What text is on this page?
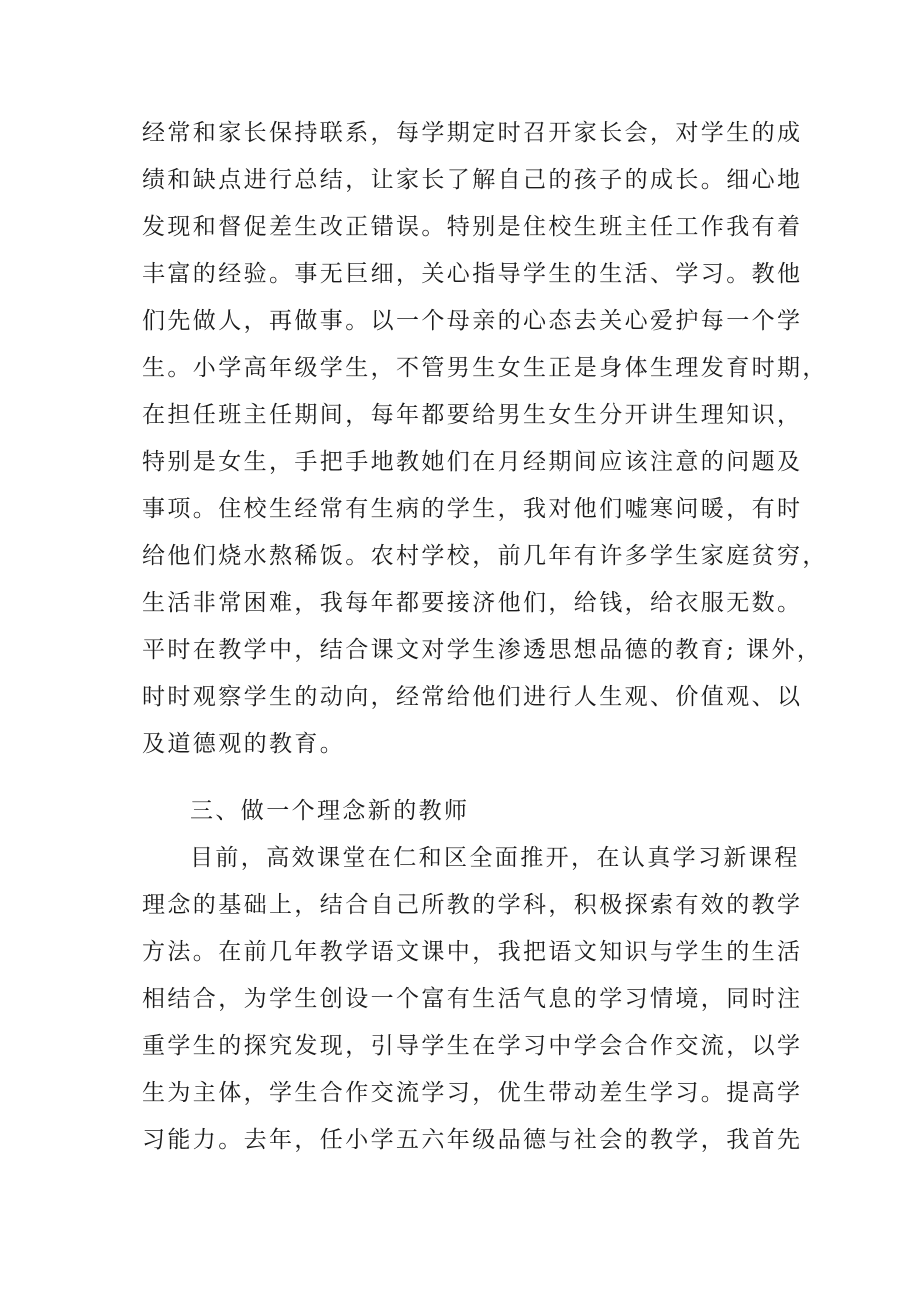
经常和家长保持联系，每学期定时召开家长会，对学生的成
绩和缺点进行总结，让家长了解自己的孩子的成长。细心地
发现和督促差生改正错误。特别是住校生班主任工作我有着
丰富的经验。事无巨细，关心指导学生的生活、学习。教他
们先做人，再做事。以一个母亲的心态去关心爱护每一个学
生。小学高年级学生，不管男生女生正是身体生理发育时期，
在担任班主任期间，每年都要给男生女生分开讲生理知识，
特别是女生，手把手地教她们在月经期间应该注意的问题及
事项。住校生经常有生病的学生，我对他们嘘寒问暖，有时
给他们烧水熬稀饭。农村学校，前几年有许多学生家庭贫穷，
生活非常困难，我每年都要接济他们，给钱，给衣服无数。
平时在教学中，结合课文对学生渗透思想品德的教育; 课外，
时时观察学生的动向，经常给他们进行人生观、价值观、以
及道德观的教育。
三、做一个理念新的教师
目前，高效课堂在仁和区全面推开，在认真学习新课程
理念的基础上，结合自己所教的学科，积极探索有效的教学
方法。在前几年教学语文课中，我把语文知识与学生的生活
相结合，为学生创设一个富有生活气息的学习情境，同时注
重学生的探究发现，引导学生在学习中学会合作交流，以学
生为主体，学生合作交流学习，优生带动差生学习。提高学
习能力。去年，任小学五六年级品德与社会的教学，我首先
